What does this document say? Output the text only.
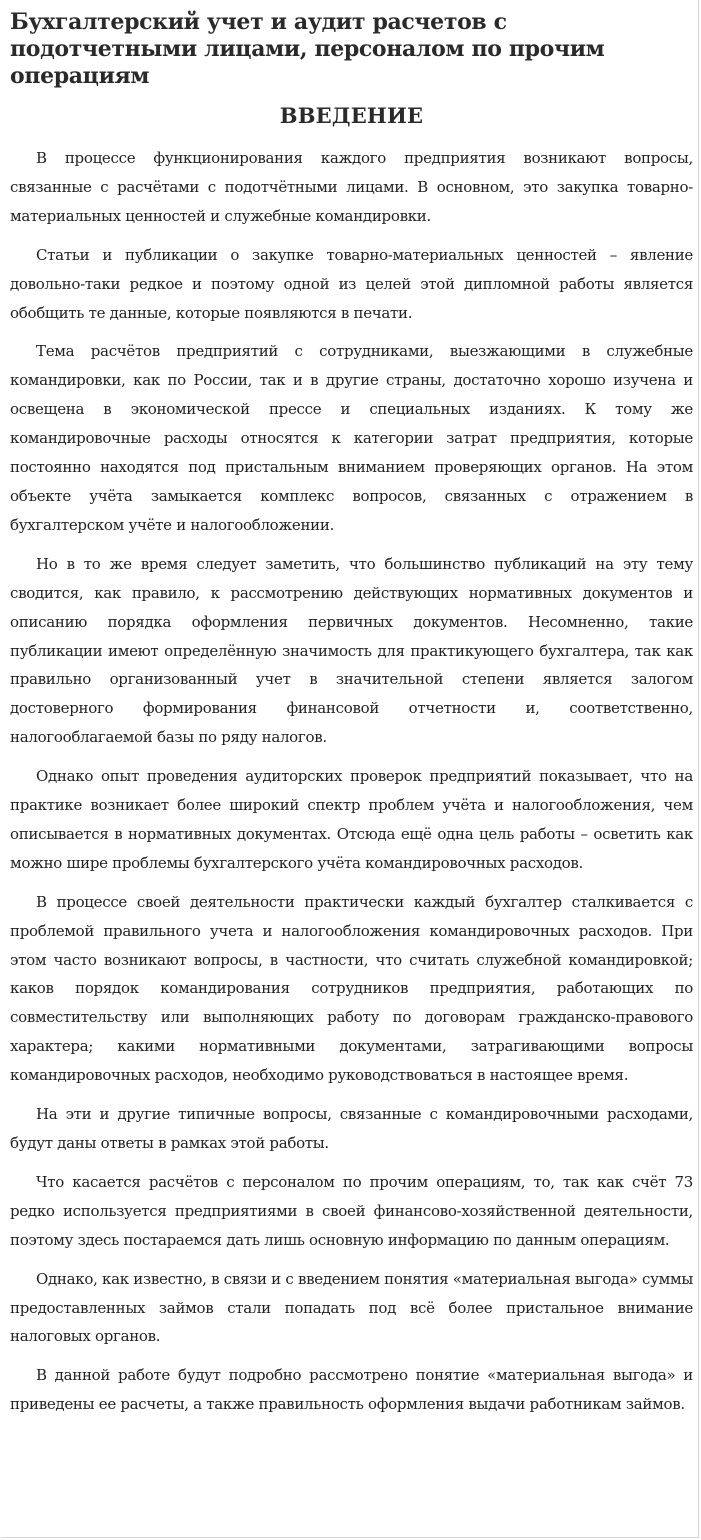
Бухгалтерский учет и аудит расчетов с подотчетными лицами, персоналом по прочим операциям
ВВЕДЕНИЕ

В процессе функционирования каждого предприятия возникают вопросы, связанные с расчётами с подотчётными лицами. В основном, это закупка товарно-материальных ценностей и служебные командировки.

Статьи и публикации о закупке товарно-материальных ценностей – явление довольно-таки редкое и поэтому одной из целей этой дипломной работы является обобщить те данные, которые появляются в печати.

Тема расчётов предприятий с сотрудниками, выезжающими в служебные командировки, как по России, так и в другие страны, достаточно хорошо изучена и освещена в экономической прессе и специальных изданиях. К тому же командировочные расходы относятся к категории затрат предприятия, которые постоянно находятся под пристальным вниманием проверяющих органов. На этом объекте учёта замыкается комплекс вопросов, связанных с отражением в бухгалтерском учёте и налогообложении.

Но в то же время следует заметить, что большинство публикаций на эту тему сводится, как правило, к рассмотрению действующих нормативных документов и описанию порядка оформления первичных документов. Несомненно, такие публикации имеют определённую значимость для практикующего бухгалтера, так как правильно организованный учет в значительной степени является залогом достоверного формирования финансовой отчетности и, соответственно, налогооблагаемой базы по ряду налогов.

Однако опыт проведения аудиторских проверок предприятий показывает, что на практике возникает более широкий спектр проблем учёта и налогообложения, чем описывается в нормативных документах. Отсюда ещё одна цель работы – осветить как можно шире проблемы бухгалтерского учёта командировочных расходов.

В процессе своей деятельности практически каждый бухгалтер сталкивается с проблемой правильного учета и налогообложения командировочных расходов. При этом часто возникают вопросы, в частности, что считать служебной командировкой; каков порядок командирования сотрудников предприятия, работающих по совместительству или выполняющих работу по договорам гражданско-правового характера; какими нормативными документами, затрагивающими вопросы командировочных расходов, необходимо руководствоваться в настоящее время.

На эти и другие типичные вопросы, связанные с командировочными расходами, будут даны ответы в рамках этой работы.

Что касается расчётов с персоналом по прочим операциям, то, так как счёт 73 редко используется предприятиями в своей финансово-хозяйственной деятельности, поэтому здесь постараемся дать лишь основную информацию по данным операциям.

Однако, как известно, в связи и с введением понятия «материальная выгода» суммы предоставленных займов стали попадать под всё более пристальное внимание налоговых органов.

В данной работе будут подробно рассмотрено понятие «материальная выгода» и приведены ее расчеты, а также правильность оформления выдачи работникам займов.
